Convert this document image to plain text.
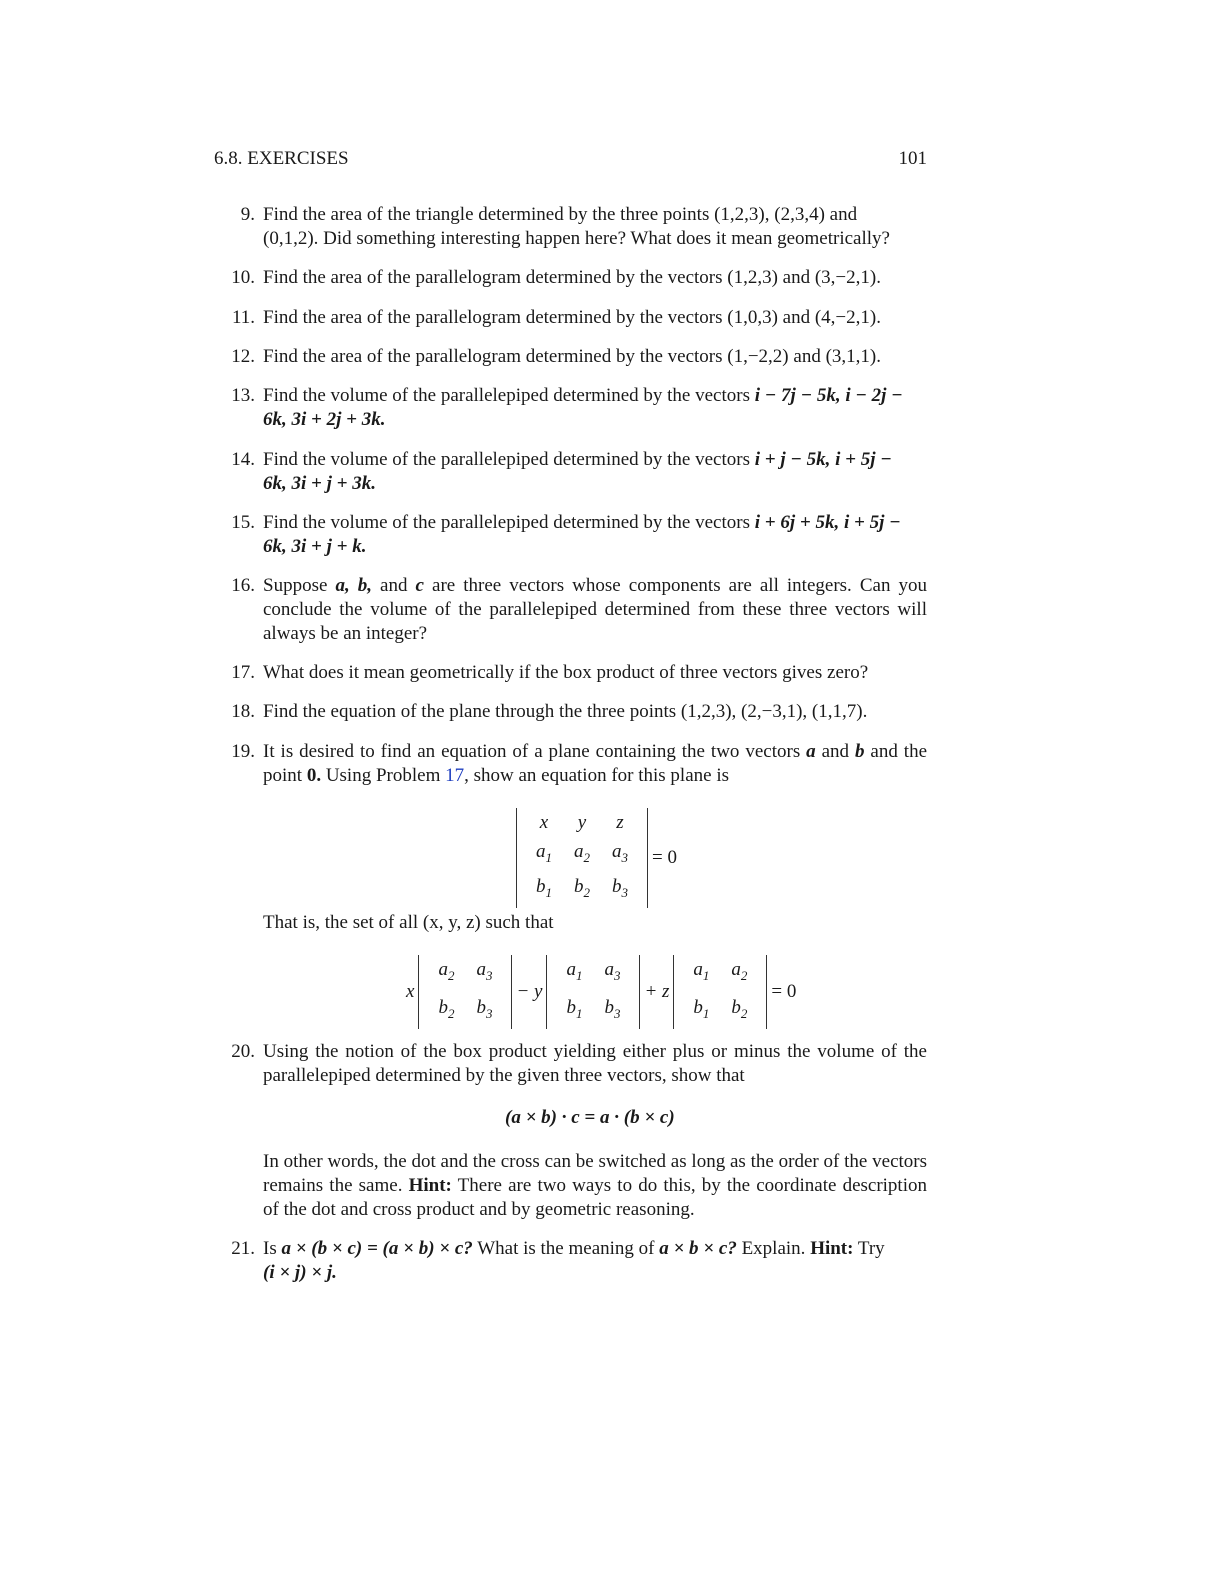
6.8. EXERCISES	101
9. Find the area of the triangle determined by the three points (1,2,3), (2,3,4) and
(0,1,2). Did something interesting happen here? What does it mean geometrically?
10. Find the area of the parallelogram determined by the vectors (1,2,3) and (3,−2,1).
11. Find the area of the parallelogram determined by the vectors (1,0,3) and (4,−2,1).
12. Find the area of the parallelogram determined by the vectors (1,−2,2) and (3,1,1).
13. Find the volume of the parallelepiped determined by the vectors i − 7j − 5k, i − 2j −
6k, 3i + 2j + 3k.
14. Find the volume of the parallelepiped determined by the vectors i + j − 5k, i + 5j −
6k, 3i + j + 3k.
15. Find the volume of the parallelepiped determined by the vectors i + 6j + 5k, i + 5j −
6k, 3i + j + k.
16. Suppose a, b, and c are three vectors whose components are all integers. Can you conclude the volume of the parallelepiped determined from these three vectors will always be an integer?
17. What does it mean geometrically if the box product of three vectors gives zero?
18. Find the equation of the plane through the three points (1,2,3), (2,−3,1), (1,1,7).
19. It is desired to find an equation of a plane containing the two vectors a and b and the point 0. Using Problem 17, show an equation for this plane is
x	y	z
$a_1$	$a_2$	$a_3$
$b_1$	$b_2$	$b_3$
= 0
That is, the set of all (x, y, z) such that
x
$a_2$	$a_3$
$b_2$	$b_3$
− y
$a_1$	$a_3$
$b_1$	$b_3$
+ z
$a_1$	$a_2$
$b_1$	$b_2$
= 0
20. Using the notion of the box product yielding either plus or minus the volume of the parallelepiped determined by the given three vectors, show that
(a × b) · c = a · (b × c)
In other words, the dot and the cross can be switched as long as the order of the vectors remains the same. Hint: There are two ways to do this, by the coordinate description of the dot and cross product and by geometric reasoning.
21. Is a × (b × c) = (a × b) × c? What is the meaning of a × b × c? Explain. Hint: Try
(i × j) × j.
